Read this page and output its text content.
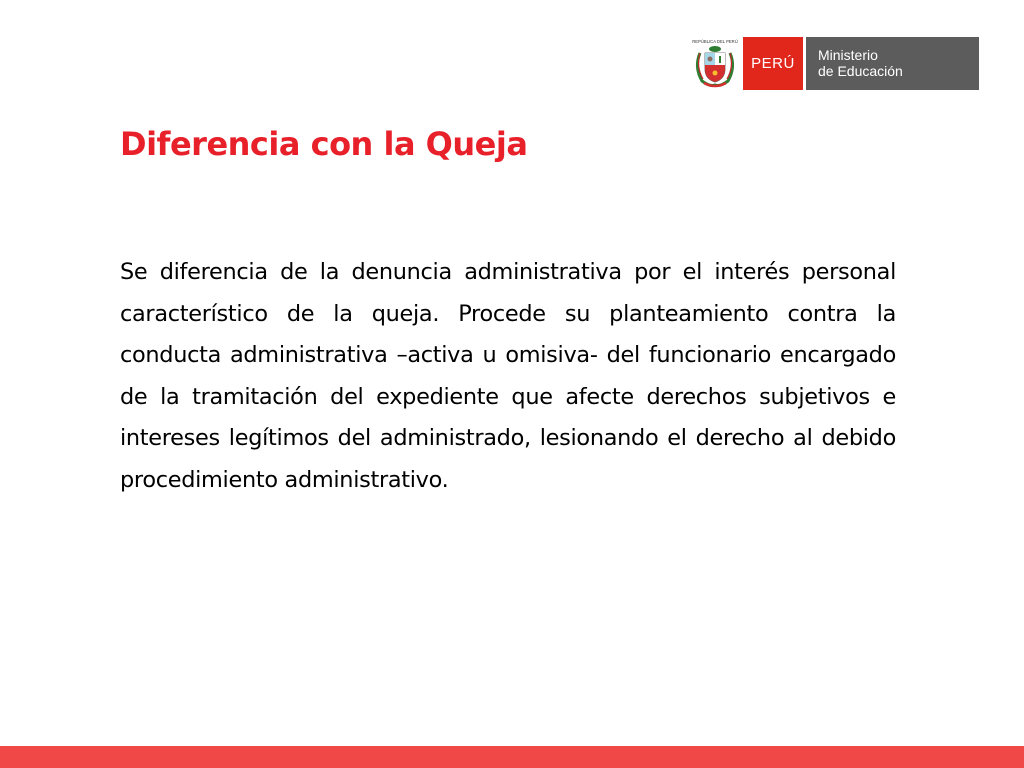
REPÚBLICA DEL PERÚ
PERÚ	Ministerio
de Educación
Diferencia con la Queja

Se diferencia de la denuncia administrativa por el interés personal característico de la queja. Procede su planteamiento contra la conducta administrativa –activa u omisiva- del funcionario encargado de la tramitación del expediente que afecte derechos subjetivos e intereses legítimos del administrado, lesionando el derecho al debido procedimiento administrativo.
